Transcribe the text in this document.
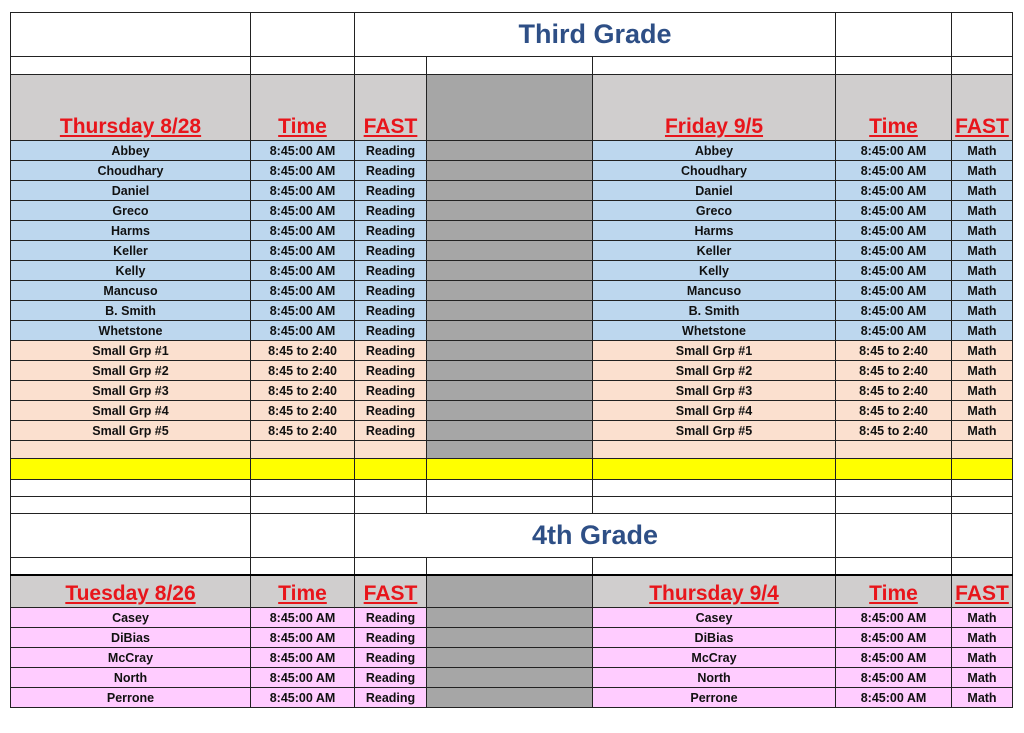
		Third Grade				

Thursday 8/28	Time	FAST		Friday 9/5	Time	FAST
Abbey	8:45:00 AM	Reading		Abbey	8:45:00 AM	Math
Choudhary	8:45:00 AM	Reading		Choudhary	8:45:00 AM	Math
Daniel	8:45:00 AM	Reading		Daniel	8:45:00 AM	Math
Greco	8:45:00 AM	Reading		Greco	8:45:00 AM	Math
Harms	8:45:00 AM	Reading		Harms	8:45:00 AM	Math
Keller	8:45:00 AM	Reading		Keller	8:45:00 AM	Math
Kelly	8:45:00 AM	Reading		Kelly	8:45:00 AM	Math
Mancuso	8:45:00 AM	Reading		Mancuso	8:45:00 AM	Math
B. Smith	8:45:00 AM	Reading		B. Smith	8:45:00 AM	Math
Whetstone	8:45:00 AM	Reading		Whetstone	8:45:00 AM	Math
Small Grp #1	8:45 to 2:40	Reading		Small Grp #1	8:45 to 2:40	Math
Small Grp #2	8:45 to 2:40	Reading		Small Grp #2	8:45 to 2:40	Math
Small Grp #3	8:45 to 2:40	Reading		Small Grp #3	8:45 to 2:40	Math
Small Grp #4	8:45 to 2:40	Reading		Small Grp #4	8:45 to 2:40	Math
Small Grp #5	8:45 to 2:40	Reading		Small Grp #5	8:45 to 2:40	Math

		4th Grade				

Tuesday 8/26	Time	FAST		Thursday 9/4	Time	FAST
Casey	8:45:00 AM	Reading		Casey	8:45:00 AM	Math
DiBias	8:45:00 AM	Reading		DiBias	8:45:00 AM	Math
McCray	8:45:00 AM	Reading		McCray	8:45:00 AM	Math
North	8:45:00 AM	Reading		North	8:45:00 AM	Math
Perrone	8:45:00 AM	Reading		Perrone	8:45:00 AM	Math
